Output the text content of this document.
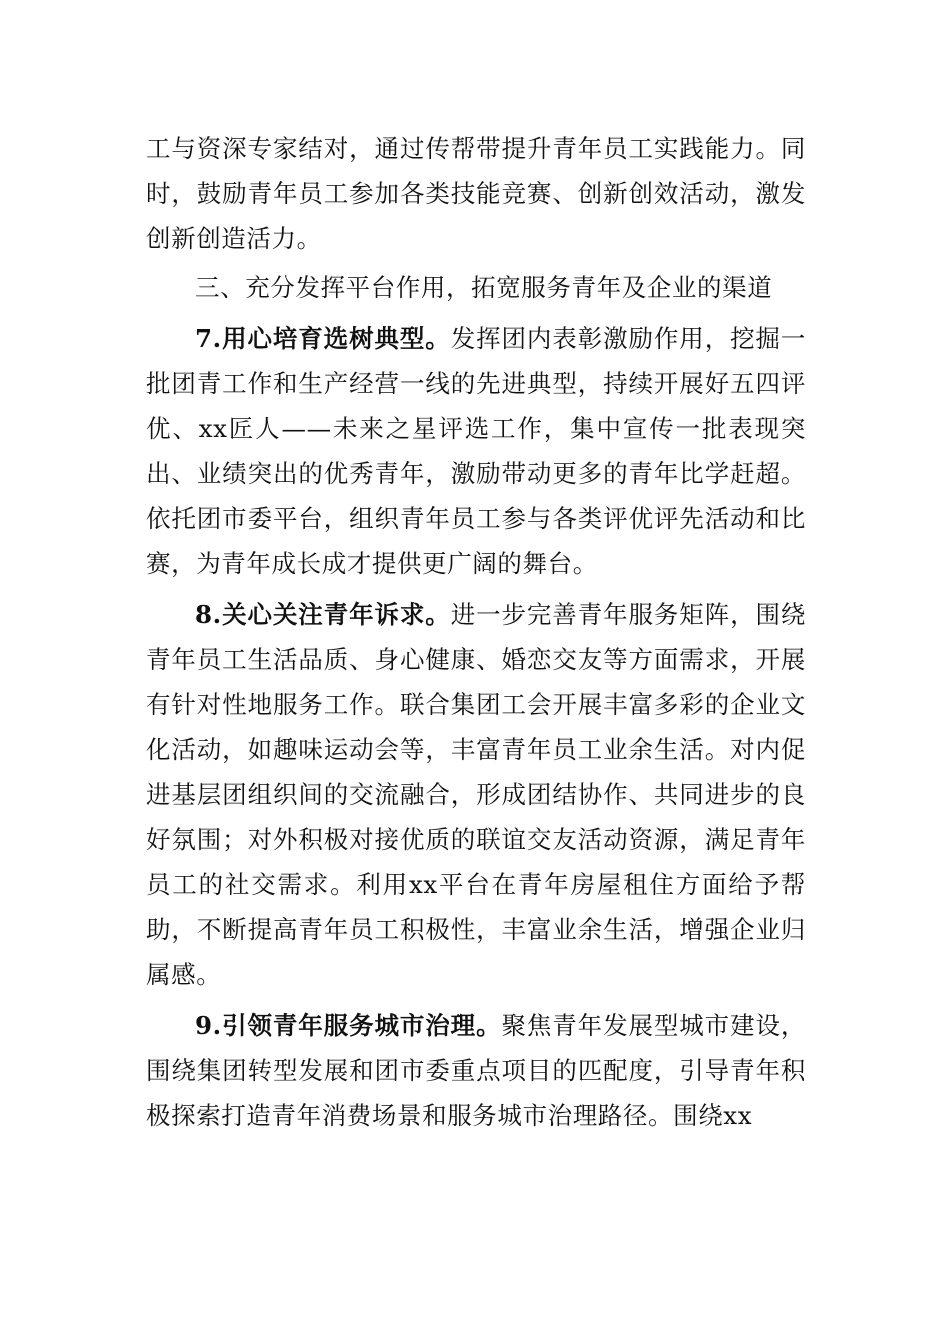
工与资深专家结对，通过传帮带提升青年员工实践能力。同时，鼓励青年员工参加各类技能竞赛、创新创效活动，激发创新创造活力。

三、充分发挥平台作用，拓宽服务青年及企业的渠道

7.用心培育选树典型。发挥团内表彰激励作用，挖掘一批团青工作和生产经营一线的先进典型，持续开展好五四评优、xx匠人——未来之星评选工作，集中宣传一批表现突出、业绩突出的优秀青年，激励带动更多的青年比学赶超。依托团市委平台，组织青年员工参与各类评优评先活动和比赛，为青年成长成才提供更广阔的舞台。

8.关心关注青年诉求。进一步完善青年服务矩阵，围绕青年员工生活品质、身心健康、婚恋交友等方面需求，开展有针对性地服务工作。联合集团工会开展丰富多彩的企业文化活动，如趣味运动会等，丰富青年员工业余生活。对内促进基层团组织间的交流融合，形成团结协作、共同进步的良好氛围；对外积极对接优质的联谊交友活动资源，满足青年员工的社交需求。利用xx平台在青年房屋租住方面给予帮助，不断提高青年员工积极性，丰富业余生活，增强企业归属感。

9.引领青年服务城市治理。聚焦青年发展型城市建设，围绕集团转型发展和团市委重点项目的匹配度，引导青年积极探索打造青年消费场景和服务城市治理路径。围绕xx
